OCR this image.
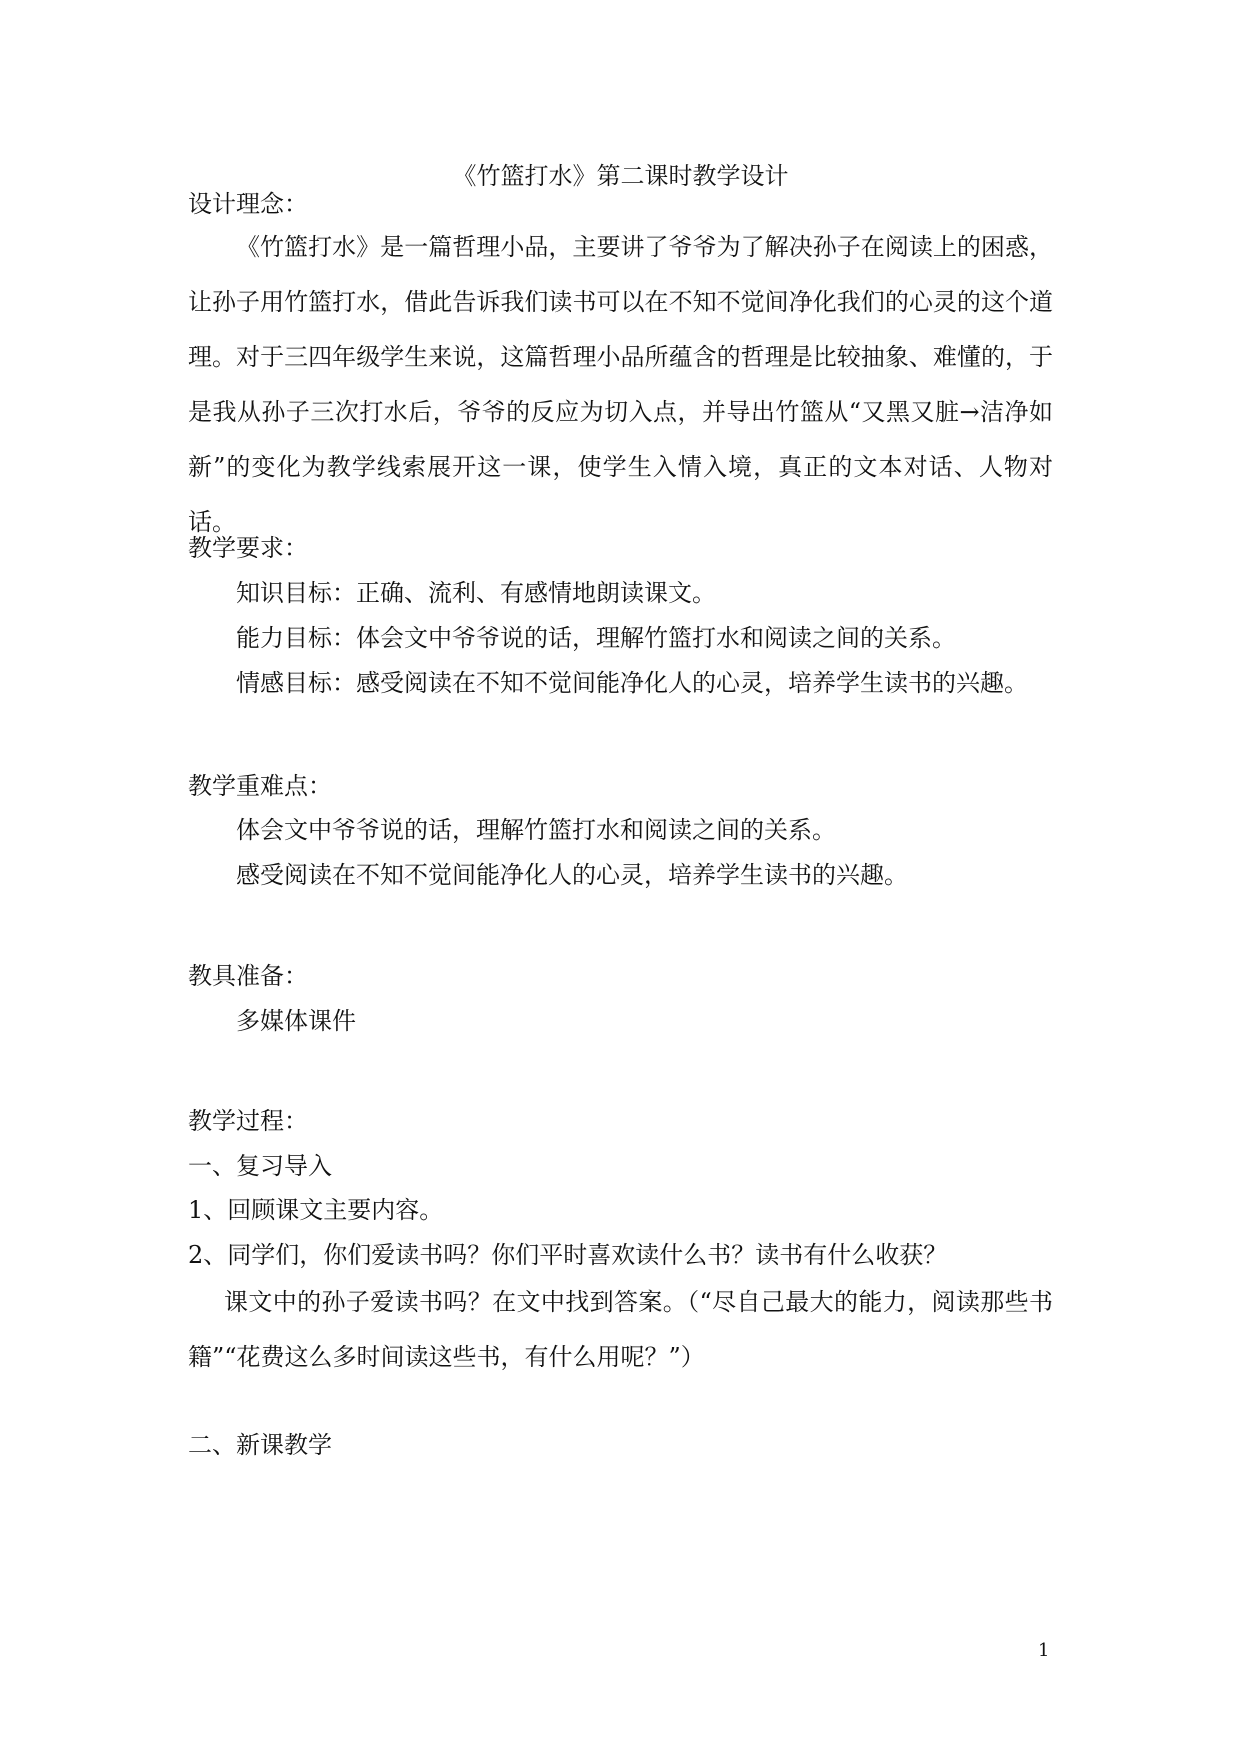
《竹篮打水》第二课时教学设计
设计理念：
《竹篮打水》是一篇哲理小品，主要讲了爷爷为了解决孙子在阅读上的困惑，让孙子用竹篮打水，借此告诉我们读书可以在不知不觉间净化我们的心灵的这个道理。对于三四年级学生来说，这篇哲理小品所蕴含的哲理是比较抽象、难懂的，于是我从孙子三次打水后，爷爷的反应为切入点，并导出竹篮从“又黑又脏→洁净如新”的变化为教学线索展开这一课，使学生入情入境，真正的文本对话、人物对话。
教学要求：
知识目标：正确、流利、有感情地朗读课文。
能力目标：体会文中爷爷说的话，理解竹篮打水和阅读之间的关系。
情感目标：感受阅读在不知不觉间能净化人的心灵，培养学生读书的兴趣。
教学重难点：
体会文中爷爷说的话，理解竹篮打水和阅读之间的关系。
感受阅读在不知不觉间能净化人的心灵，培养学生读书的兴趣。
教具准备：
多媒体课件
教学过程：
一、复习导入
1、回顾课文主要内容。
2、同学们，你们爱读书吗？你们平时喜欢读什么书？读书有什么收获？
课文中的孙子爱读书吗？在文中找到答案。（“尽自己最大的能力，阅读那些书籍”“花费这么多时间读这些书，有什么用呢？”）
二、新课教学
1
